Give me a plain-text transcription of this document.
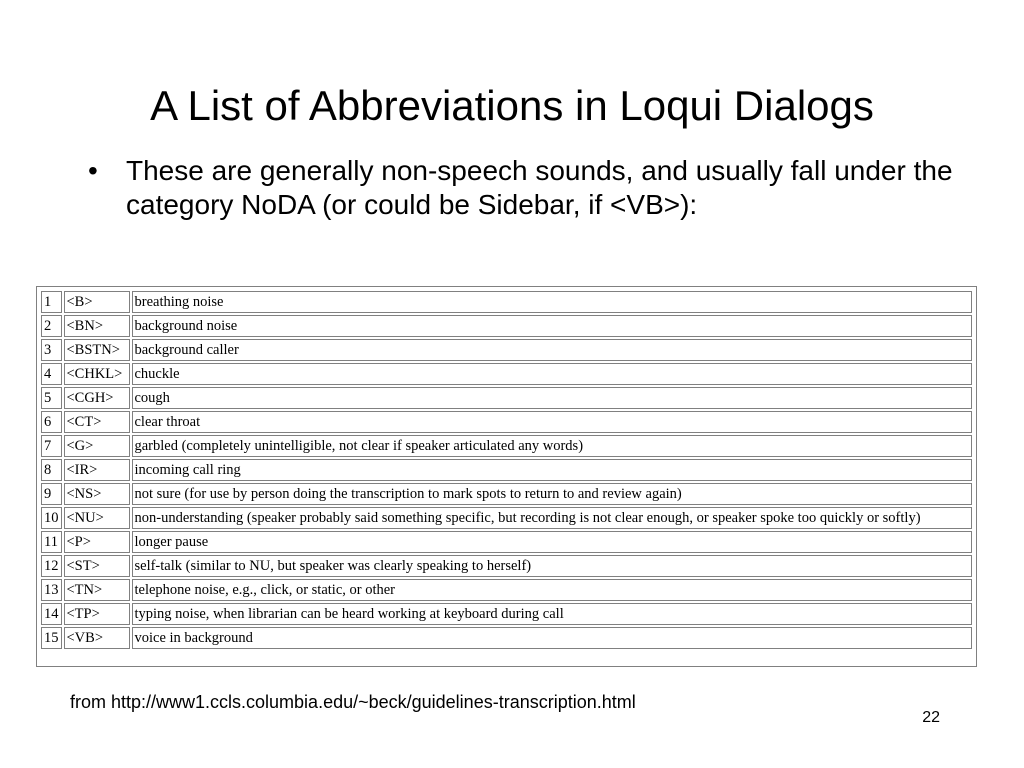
A List of Abbreviations in Loqui Dialogs
•	These are generally non-speech sounds, and usually fall under the category NoDA (or could be Sidebar, if <VB>):
1	<B>	breathing noise
2	<BN>	background noise
3	<BSTN>	background caller
4	<CHKL>	chuckle
5	<CGH>	cough
6	<CT>	clear throat
7	<G>	garbled (completely unintelligible, not clear if speaker articulated any words)
8	<IR>	incoming call ring
9	<NS>	not sure (for use by person doing the transcription to mark spots to return to and review again)
10	<NU>	non-understanding (speaker probably said something specific, but recording is not clear enough, or speaker spoke too quickly or softly)
11	<P>	longer pause
12	<ST>	self-talk (similar to NU, but speaker was clearly speaking to herself)
13	<TN>	telephone noise, e.g., click, or static, or other
14	<TP>	typing noise, when librarian can be heard working at keyboard during call
15	<VB>	voice in background
from http://www1.ccls.columbia.edu/~beck/guidelines-transcription.html
22
